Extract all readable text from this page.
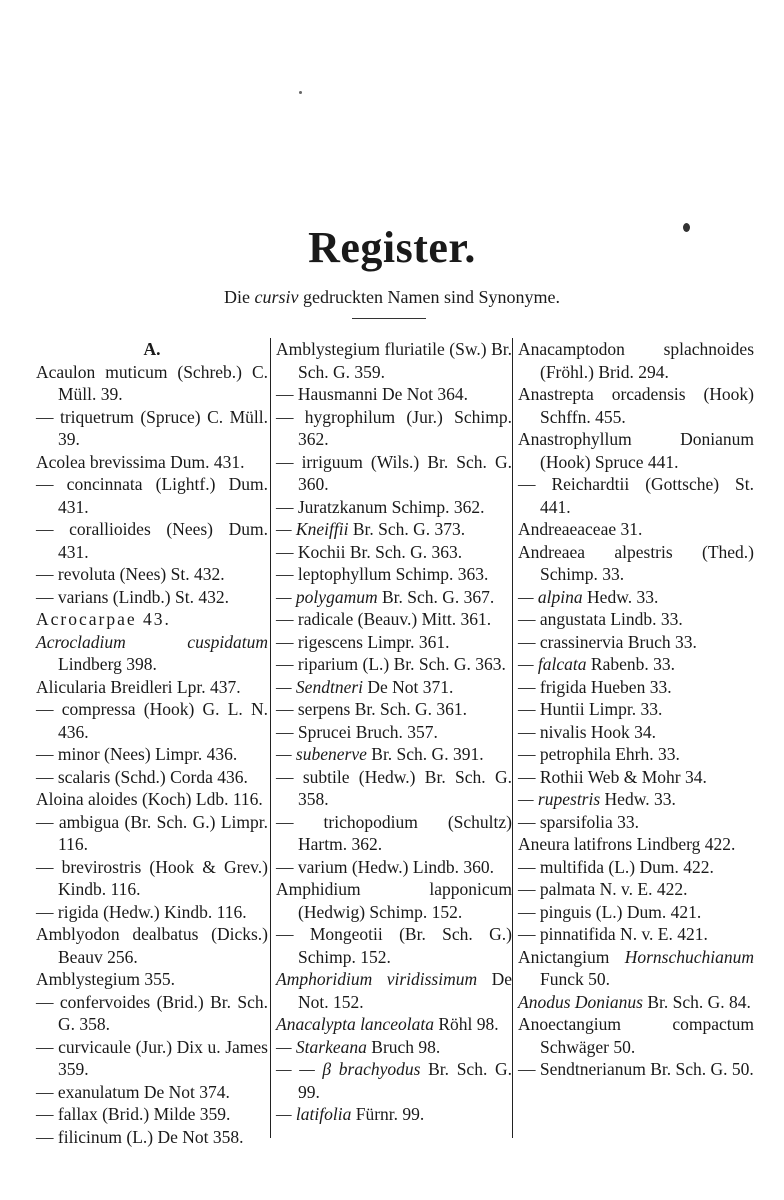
Register.
Die cursiv gedruckten Namen sind Synonyme.
A.
Acaulon muticum (Schreb.) C. Müll. 39.
— triquetrum (Spruce) C. Müll. 39.
Acolea brevissima Dum. 431.
— concinnata (Lightf.) Dum. 431.
— corallioides (Nees) Dum. 431.
— revoluta (Nees) St. 432.
— varians (Lindb.) St. 432.
Acrocarpae 43.
Acrocladium cuspidatum Lindberg 398.
Alicularia Breidleri Lpr. 437.
— compressa (Hook) G. L. N. 436.
— minor (Nees) Limpr. 436.
— scalaris (Schd.) Corda 436.
Aloina aloides (Koch) Ldb. 116.
— ambigua (Br. Sch. G.) Limpr. 116.
— brevirostris (Hook & Grev.) Kindb. 116.
— rigida (Hedw.) Kindb. 116.
Amblyodon dealbatus (Dicks.) Beauv 256.
Amblystegium 355.
— confervoides (Brid.) Br. Sch. G. 358.
— curvicaule (Jur.) Dix u. James 359.
— exanulatum De Not 374.
— fallax (Brid.) Milde 359.
— filicinum (L.) De Not 358.
Amblystegium fluriatile (Sw.) Br. Sch. G. 359.
— Hausmanni De Not 364.
— hygrophilum (Jur.) Schimp. 362.
— irriguum (Wils.) Br. Sch. G. 360.
— Juratzkanum Schimp. 362.
— Kneiffii Br. Sch. G. 373.
— Kochii Br. Sch. G. 363.
— leptophyllum Schimp. 363.
— polygamum Br. Sch. G. 367.
— radicale (Beauv.) Mitt. 361.
— rigescens Limpr. 361.
— riparium (L.) Br. Sch. G. 363.
— Sendtneri De Not 371.
— serpens Br. Sch. G. 361.
— Sprucei Bruch. 357.
— subenerve Br. Sch. G. 391.
— subtile (Hedw.) Br. Sch. G. 358.
— trichopodium (Schultz) Hartm. 362.
— varium (Hedw.) Lindb. 360.
Amphidium lapponicum (Hedwig) Schimp. 152.
— Mongeotii (Br. Sch. G.) Schimp. 152.
Amphoridium viridissimum De Not. 152.
Anacalypta lanceolata Röhl 98.
— Starkeana Bruch 98.
— — β brachyodus Br. Sch. G. 99.
— latifolia Fürnr. 99.
Anacamptodon splachnoides (Fröhl.) Brid. 294.
Anastrepta orcadensis (Hook) Schffn. 455.
Anastrophyllum Donianum (Hook) Spruce 441.
— Reichardtii (Gottsche) St. 441.
Andreaeaceae 31.
Andreaea alpestris (Thed.) Schimp. 33.
— alpina Hedw. 33.
— angustata Lindb. 33.
— crassinervia Bruch 33.
— falcata Rabenb. 33.
— frigida Hueben 33.
— Huntii Limpr. 33.
— nivalis Hook 34.
— petrophila Ehrh. 33.
— Rothii Web & Mohr 34.
— rupestris Hedw. 33.
— sparsifolia 33.
Aneura latifrons Lindberg 422.
— multifida (L.) Dum. 422.
— palmata N. v. E. 422.
— pinguis (L.) Dum. 421.
— pinnatifida N. v. E. 421.
Anictangium Hornschuchianum Funck 50.
Anodus Donianus Br. Sch. G. 84.
Anoectangium compactum Schwäger 50.
— Sendtnerianum Br. Sch. G. 50.
